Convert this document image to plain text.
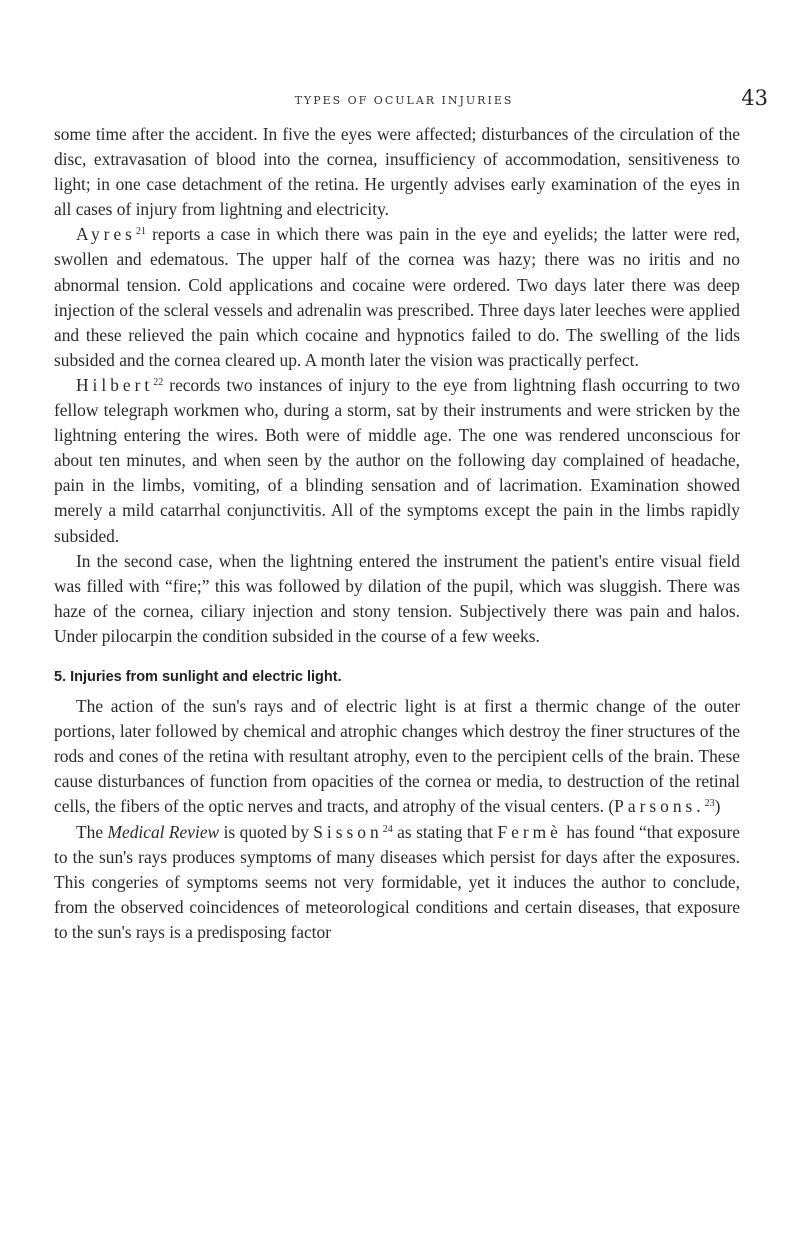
TYPES OF OCULAR INJURIES	43

some time after the accident. In five the eyes were affected; disturbances of the circulation of the disc, extravasation of blood into the cornea, insufficiency of accommodation, sensitiveness to light; in one case detachment of the retina. He urgently advises early examination of the eyes in all cases of injury from lightning and electricity.

Ayres$^{21}$ reports a case in which there was pain in the eye and eyelids; the latter were red, swollen and edematous. The upper half of the cornea was hazy; there was no iritis and no abnormal tension. Cold applications and cocaine were ordered. Two days later there was deep injection of the scleral vessels and adrenalin was prescribed. Three days later leeches were applied and these relieved the pain which cocaine and hypnotics failed to do. The swelling of the lids subsided and the cornea cleared up. A month later the vision was practically perfect.

Hilbert$^{22}$ records two instances of injury to the eye from lightning flash occurring to two fellow telegraph workmen who, during a storm, sat by their instruments and were stricken by the lightning entering the wires. Both were of middle age. The one was rendered unconscious for about ten minutes, and when seen by the author on the following day complained of headache, pain in the limbs, vomiting, of a blinding sensation and of lacrimation. Examination showed merely a mild catarrhal conjunctivitis. All of the symptoms except the pain in the limbs rapidly subsided.

In the second case, when the lightning entered the instrument the patient's entire visual field was filled with “fire;” this was followed by dilation of the pupil, which was sluggish. There was haze of the cornea, ciliary injection and stony tension. Subjectively there was pain and halos. Under pilocarpin the condition subsided in the course of a few weeks.

5. Injuries from sunlight and electric light.

The action of the sun's rays and of electric light is at first a thermic change of the outer portions, later followed by chemical and atrophic changes which destroy the finer structures of the rods and cones of the retina with resultant atrophy, even to the percipient cells of the brain. These cause disturbances of function from opacities of the cornea or media, to destruction of the retinal cells, the fibers of the optic nerves and tracts, and atrophy of the visual centers. (Parsons.$^{23}$)

The Medical Review is quoted by Sisson$^{24}$ as stating that Fermè has found “that exposure to the sun's rays produces symptoms of many diseases which persist for days after the exposures. This congeries of symptoms seems not very formidable, yet it induces the author to conclude, from the observed coincidences of meteorological conditions and certain diseases, that exposure to the sun's rays is a predisposing factor
